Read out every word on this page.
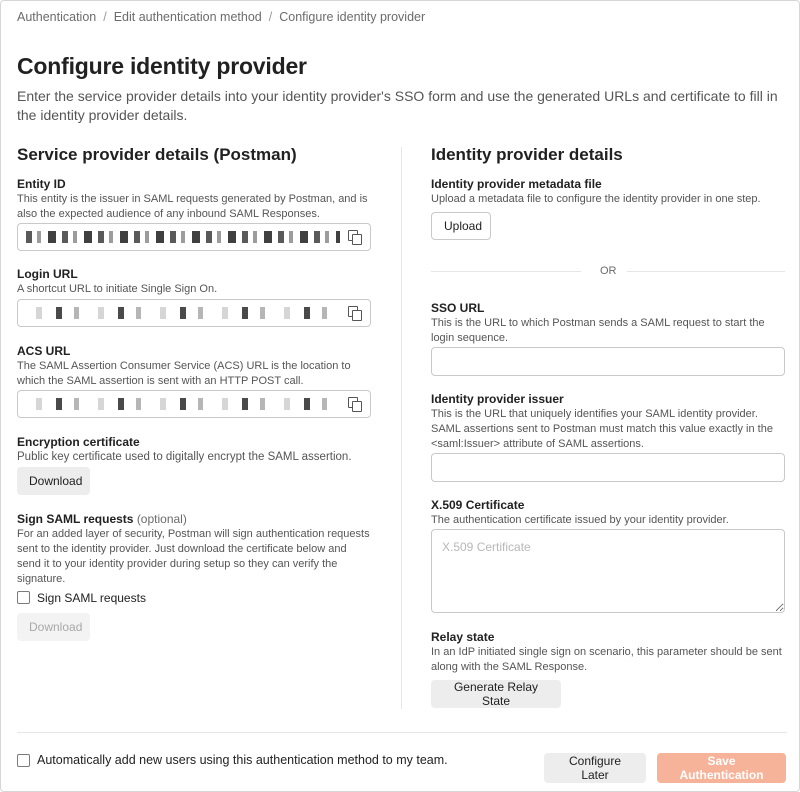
Authentication / Edit authentication method / Configure identity provider
Configure identity provider

Enter the service provider details into your identity provider's SSO form and use the generated URLs and certificate to fill in the identity provider details.

Service provider details (Postman)
Entity ID
This entity is the issuer in SAML requests generated by Postman, and is also the expected audience of any inbound SAML Responses.
Login URL
A shortcut URL to initiate Single Sign On.
ACS URL
The SAML Assertion Consumer Service (ACS) URL is the location to which the SAML assertion is sent with an HTTP POST call.
Encryption certificate
Public key certificate used to digitally encrypt the SAML assertion.
Download
Sign SAML requests (optional)
For an added layer of security, Postman will sign authentication requests sent to the identity provider. Just download the certificate below and send it to your identity provider during setup so they can verify the signature.
Sign SAML requests
Download
Identity provider details
Identity provider metadata file
Upload a metadata file to configure the identity provider in one step.
Upload
OR
SSO URL
This is the URL to which Postman sends a SAML request to start the login sequence.
Identity provider issuer
This is the URL that uniquely identifies your SAML identity provider. SAML assertions sent to Postman must match this value exactly in the <saml:Issuer> attribute of SAML assertions.
X.509 Certificate
The authentication certificate issued by your identity provider.
X.509 Certificate
Relay state
In an IdP initiated single sign on scenario, this parameter should be sent along with the SAML Response.
Generate Relay State
Automatically add new users using this authentication method to my team.	Configure Later
Save Authentication
